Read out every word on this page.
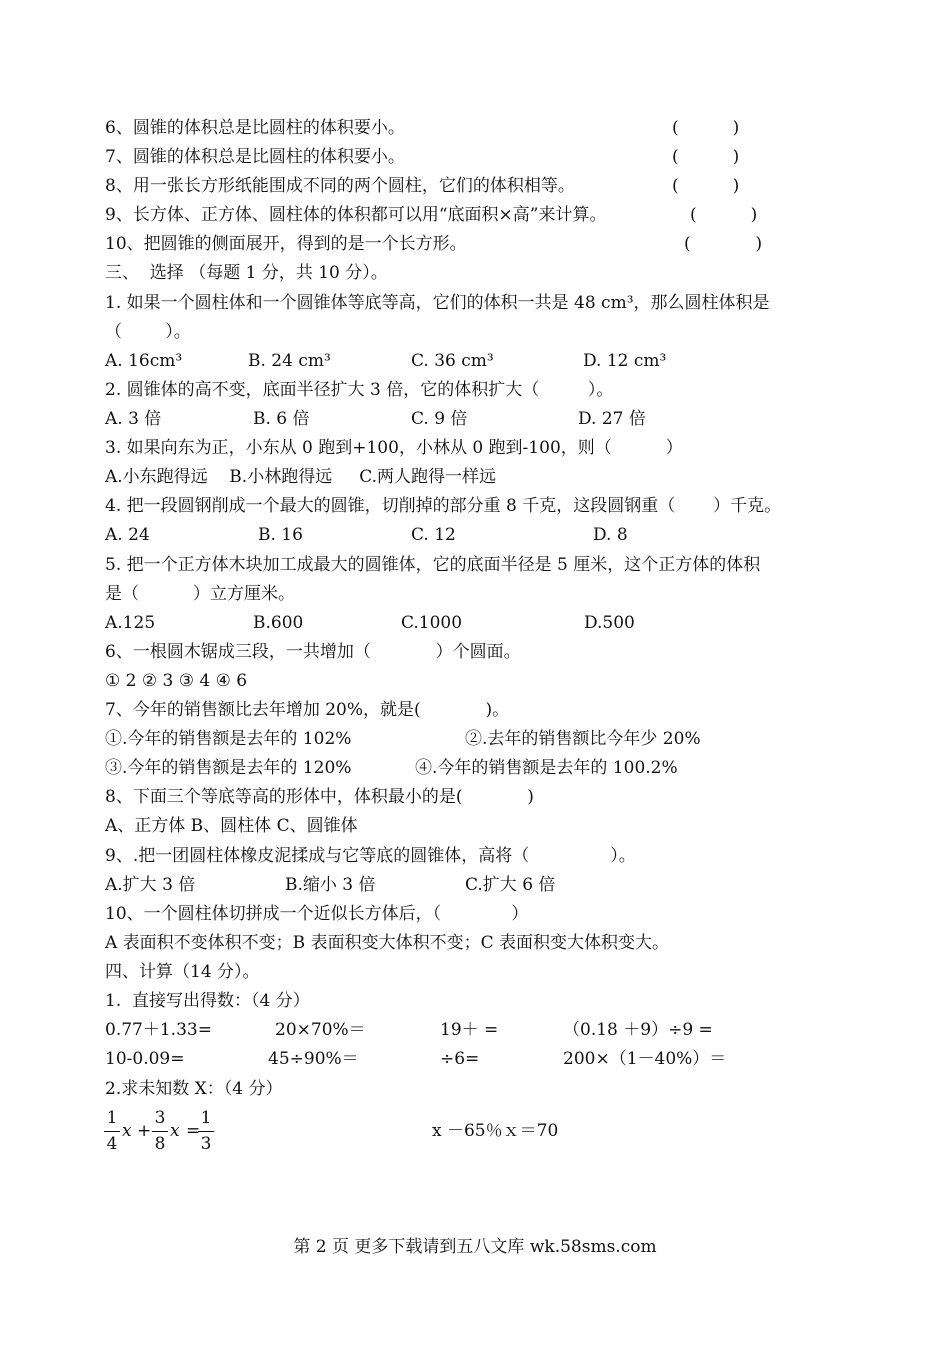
6、圆锥的体积总是比圆柱的体积要小。	(          )
7、圆锥的体积总是比圆柱的体积要小。	(          )
8、用一张长方形纸能围成不同的两个圆柱，它们的体积相等。	(          )
9、长方体、正方体、圆柱体的体积都可以用“底面积×高”来计算。	(          )
10、把圆锥的侧面展开，得到的是一个长方形。	(            )
三、  选择 （每题 1 分，共 10 分）。
1. 如果一个圆柱体和一个圆锥体等底等高，它们的体积一共是 48 cm³，那么圆柱体积是
（        ）。
A. 16cm³	B. 24 cm³	C. 36 cm³	D. 12 cm³
2. 圆锥体的高不变，底面半径扩大 3 倍，它的体积扩大（         ）。
A. 3 倍	B. 6 倍	C. 9 倍	D. 27 倍
3. 如果向东为正，小东从 0 跑到+100，小林从 0 跑到-100，则（          ）
A.小东跑得远    B.小林跑得远     C.两人跑得一样远
4. 把一段圆钢削成一个最大的圆锥，切削掉的部分重 8 千克，这段圆钢重（       ）千克。
A. 24	B. 16	C. 12	D. 8
5. 把一个正方体木块加工成最大的圆锥体，它的底面半径是 5 厘米，这个正方体的体积
是（          ）立方厘米。
A.125	B.600	C.1000	D.500
6、一根圆木锯成三段，一共增加（            ）个圆面。
① 2 ② 3 ③ 4 ④ 6
7、今年的销售额比去年增加 20%，就是(            )。
①.今年的销售额是去年的 102%	②.去年的销售额比今年少 20%
③.今年的销售额是去年的 120%	④.今年的销售额是去年的 100.2%
8、下面三个等底等高的形体中，体积最小的是(            )
A、正方体 B、圆柱体 C、圆锥体
9、.把一团圆柱体橡皮泥揉成与它等底的圆锥体，高将（               ）。
A.扩大 3 倍	B.缩小 3 倍	C.扩大 6 倍
10、一个圆柱体切拼成一个近似长方体后，（             ）
A 表面积不变体积不变；B 表面积变大体积不变；C 表面积变大体积变大。
四、计算（14 分）。
1.  直接写出得数：（4 分）
0.77＋1.33=	20×70%＝	19＋ =	（0.18 ＋9）÷9 =
10-0.09=	45÷90%＝	÷6=	200×（1－40%）＝
2.求未知数 X：（4 分）
1
4
x +
3
8
x =
1
3
x －65％ｘ＝70
第 2 页 更多下载请到五八文库 wk.58sms.com
